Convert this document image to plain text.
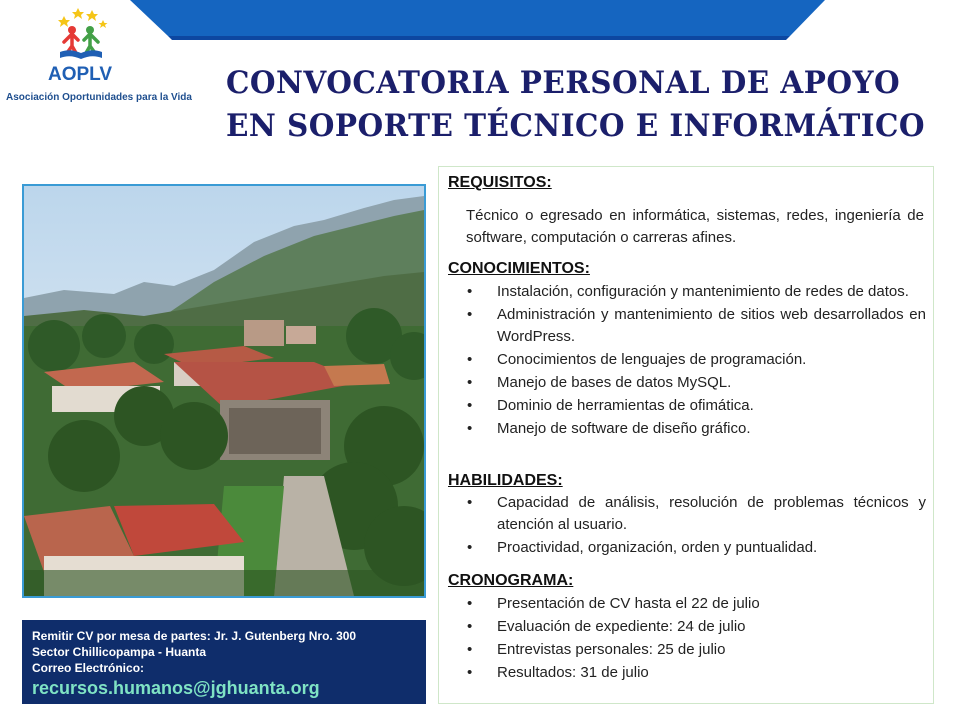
AOPLV
Asociación Oportunidades para la Vida	CONVOCATORIA PERSONAL DE APOYO
EN SOPORTE TÉCNICO E INFORMÁTICO
Remitir CV por mesa de partes: Jr. J. Gutenberg Nro. 300
Sector Chillicopampa - Huanta
Correo Electrónico:
recursos.humanos@jghuanta.org
REQUISITOS:
Técnico o egresado en informática, sistemas, redes, ingeniería de software, computación o carreras afines.
CONOCIMIENTOS:
• Instalación, configuración y mantenimiento de redes de datos.
• Administración y mantenimiento de sitios web desarrollados en WordPress.
• Conocimientos de lenguajes de programación.
• Manejo de bases de datos MySQL.
• Dominio de herramientas de ofimática.
• Manejo de software de diseño gráfico.
HABILIDADES:
• Capacidad de análisis, resolución de problemas técnicos y atención al usuario.
• Proactividad, organización, orden y puntualidad.
CRONOGRAMA:
• Presentación de CV hasta el 22 de julio
• Evaluación de expediente: 24 de julio
• Entrevistas personales: 25 de julio
• Resultados: 31 de julio
